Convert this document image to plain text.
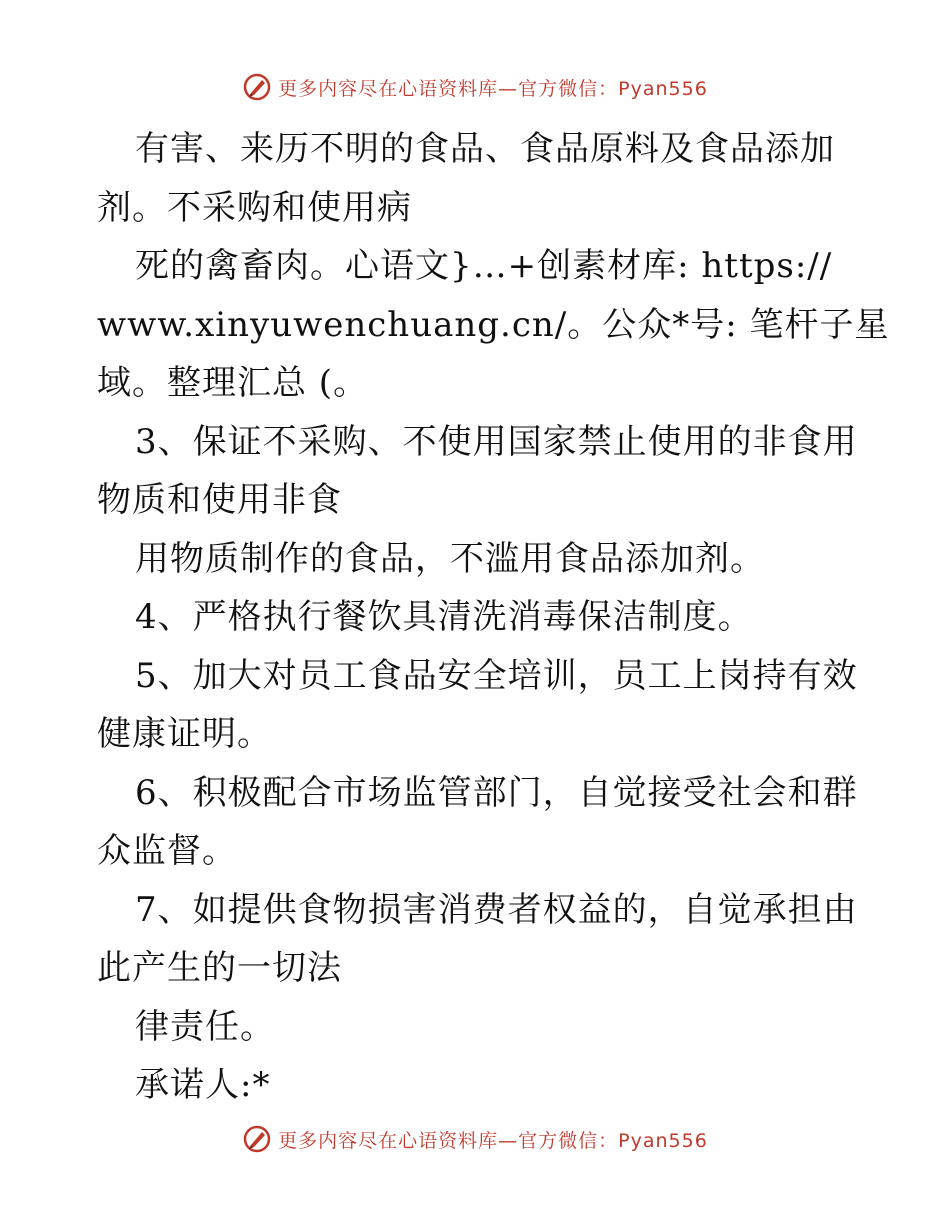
更多内容尽在心语资料库—官方微信：Pyan556
有害、来历不明的食品、食品原料及食品添加
剂。不采购和使用病
死的禽畜肉。心语文}…+创素材库: https://
www.xinyuwenchuang.cn/。公众*号: 笔杆子星
域。整理汇总 (。
3、保证不采购、不使用国家禁止使用的非食用
物质和使用非食
用物质制作的食品，不滥用食品添加剂。
4、严格执行餐饮具清洗消毒保洁制度。
5、加大对员工食品安全培训，员工上岗持有效
健康证明。
6、积极配合市场监管部门，自觉接受社会和群
众监督。
7、如提供食物损害消费者权益的，自觉承担由
此产生的一切法
律责任。
承诺人:*
更多内容尽在心语资料库—官方微信：Pyan556
